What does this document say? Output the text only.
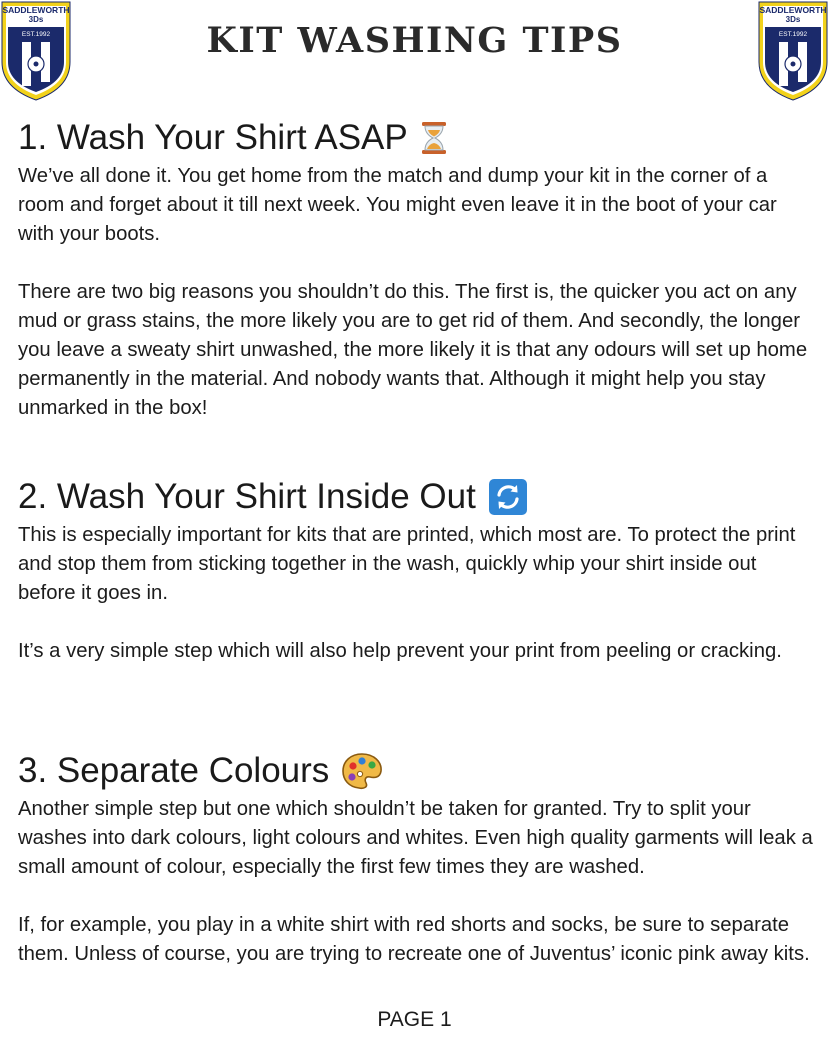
SADDLEWORTH
3Ds
EST.1992	KIT WASHING TIPS
SADDLEWORTH
3Ds
EST.1992
1. Wash Your Shirt ASAP

We’ve all done it. You get home from the match and dump your kit in the corner of a room and forget about it till next week. You might even leave it in the boot of your car with your boots.

There are two big reasons you shouldn’t do this. The first is, the quicker you act on any mud or grass stains, the more likely you are to get rid of them. And secondly, the longer you leave a sweaty shirt unwashed, the more likely it is that any odours will set up home permanently in the material. And nobody wants that. Although it might help you stay unmarked in the box!

2. Wash Your Shirt Inside Out

This is especially important for kits that are printed, which most are. To protect the print and stop them from sticking together in the wash, quickly whip your shirt inside out before it goes in.

It’s a very simple step which will also help prevent your print from peeling or cracking.

3. Separate Colours

Another simple step but one which shouldn’t be taken for granted. Try to split your washes into dark colours, light colours and whites. Even high quality garments will leak a small amount of colour, especially the first few times they are washed.

If, for example, you play in a white shirt with red shorts and socks, be sure to separate them. Unless of course, you are trying to recreate one of Juventus’ iconic pink away kits.

PAGE 1
